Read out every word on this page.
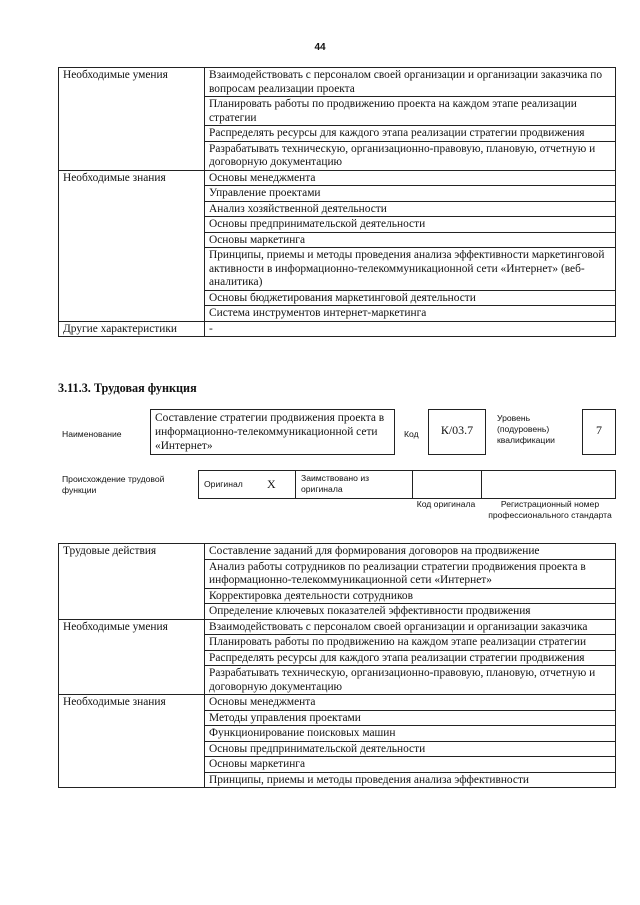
44
Необходимые умения	Взаимодействовать с персоналом своей организации и организации заказчика по вопросам реализации проекта
	Планировать работы по продвижению проекта на каждом этапе реализации стратегии
	Распределять ресурсы для каждого этапа реализации стратегии продвижения
	Разрабатывать техническую, организационно-правовую, плановую, отчетную и договорную документацию
Необходимые знания	Основы менеджмента
	Управление проектами
	Анализ хозяйственной деятельности
	Основы предпринимательской деятельности
	Основы маркетинга
	Принципы, приемы и методы проведения анализа эффективности маркетинговой активности в информационно-телекоммуникационной сети «Интернет» (веб-аналитика)
	Основы бюджетирования маркетинговой деятельности
	Система инструментов интернет-маркетинга
Другие характеристики	-
3.11.3. Трудовая функция
Наименование
Составление стратегии продвижения проекта в информационно-телекоммуникационной сети «Интернет»
Код	К/03.7
Уровень (подуровень) квалификации
7
Происхождение трудовой функции
Оригинал X	Заимствовано из оригинала
Код оригинала	Регистрационный номер профессионального стандарта
Трудовые действия	Составление заданий для формирования договоров на продвижение
	Анализ работы сотрудников по реализации стратегии продвижения проекта в информационно-телекоммуникационной сети «Интернет»
	Корректировка деятельности сотрудников
	Определение ключевых показателей эффективности продвижения
Необходимые умения	Взаимодействовать с персоналом своей организации и организации заказчика
	Планировать работы по продвижению на каждом этапе реализации стратегии
	Распределять ресурсы для каждого этапа реализации стратегии продвижения
	Разрабатывать техническую, организационно-правовую, плановую, отчетную и договорную документацию
Необходимые знания	Основы менеджмента
	Методы управления проектами
	Функционирование поисковых машин
	Основы предпринимательской деятельности
	Основы маркетинга
	Принципы, приемы и методы проведения анализа эффективности
